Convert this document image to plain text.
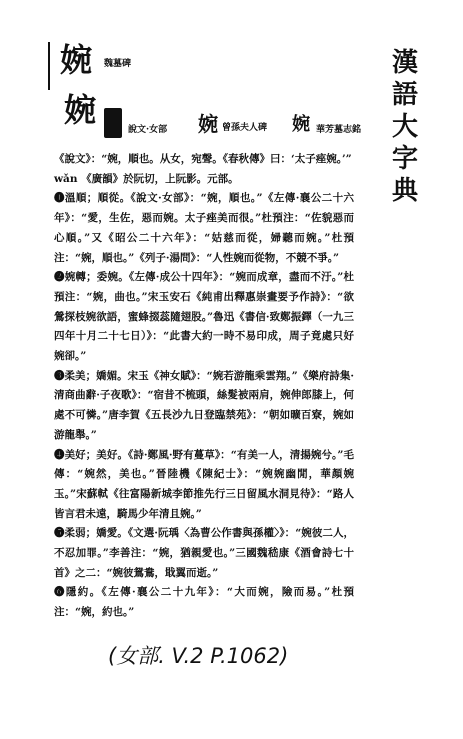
婉 魏墓碑
婉
說文·女部 婉 曾孫夫人碑 婉 華芳墓志銘
漢
語
大
字
典

《說文》：“婉，順也。从女，宛聲。《春秋傳》曰：‘太子痤婉。’”

wǎn 《廣韻》於阮切，上阮影。元部。

❶溫順；順從。《說文·女部》：“婉，順也。”《左傳·襄公二十六年》：“愛，生佐，惡而婉。太子痤美而很。”杜預注：“佐貌惡而心順。”又《昭公二十六年》：“姑慈而從，婦聽而婉。”杜預注：“婉，順也。”《列子·湯問》：“人性婉而從物，不競不爭。”

❷婉轉；委婉。《左傳·成公十四年》：“婉而成章，盡而不汙。”杜預注：“婉，曲也。”宋玉安石《純甫出釋惠崇畫要予作詩》：“欲鶯探枝婉欲語，蜜蜂掇蕊隨翅股。”魯迅《書信·致鄭振鐸（一九三四年十月二十七日）》：“此書大約一時不易印成，周子竟處只好婉卻。”

❸柔美；嬌媚。宋玉《神女賦》：“婉若游龍乘雲翔。”《樂府詩集·清商曲辭·子夜歌》：“宿昔不梳頭，絲髮被兩肩，婉伸郎膝上，何處不可憐。”唐李賀《五長沙九日登臨禁苑》：“朝如曠百寮，婉如游龍舉。”

❹美好；美好。《詩·鄭風·野有蔓草》：“有美一人，清揚婉兮。”毛傳：“婉然，美也。”晉陸機《陳紀士》：“婉婉幽閒，華顏婉玉。”宋蘇軾《往富陽新城李節推先行三日留風水洞見待》：“路人皆言君未遠，騎馬少年清且婉。”

❺柔弱；嬌愛。《文選·阮瑀〈為曹公作書與孫權〉》：“婉彼二人，不忍加罪。”李善注：“婉，猶親愛也。”三國魏嵇康《酒會詩七十首》之二：“婉彼鴛鴦，戢翼而逝。”

❻隱約。《左傳·襄公二十九年》：“大而婉，險而易。”杜預注：“婉，約也。”

(女部. V.2 P.1062)
